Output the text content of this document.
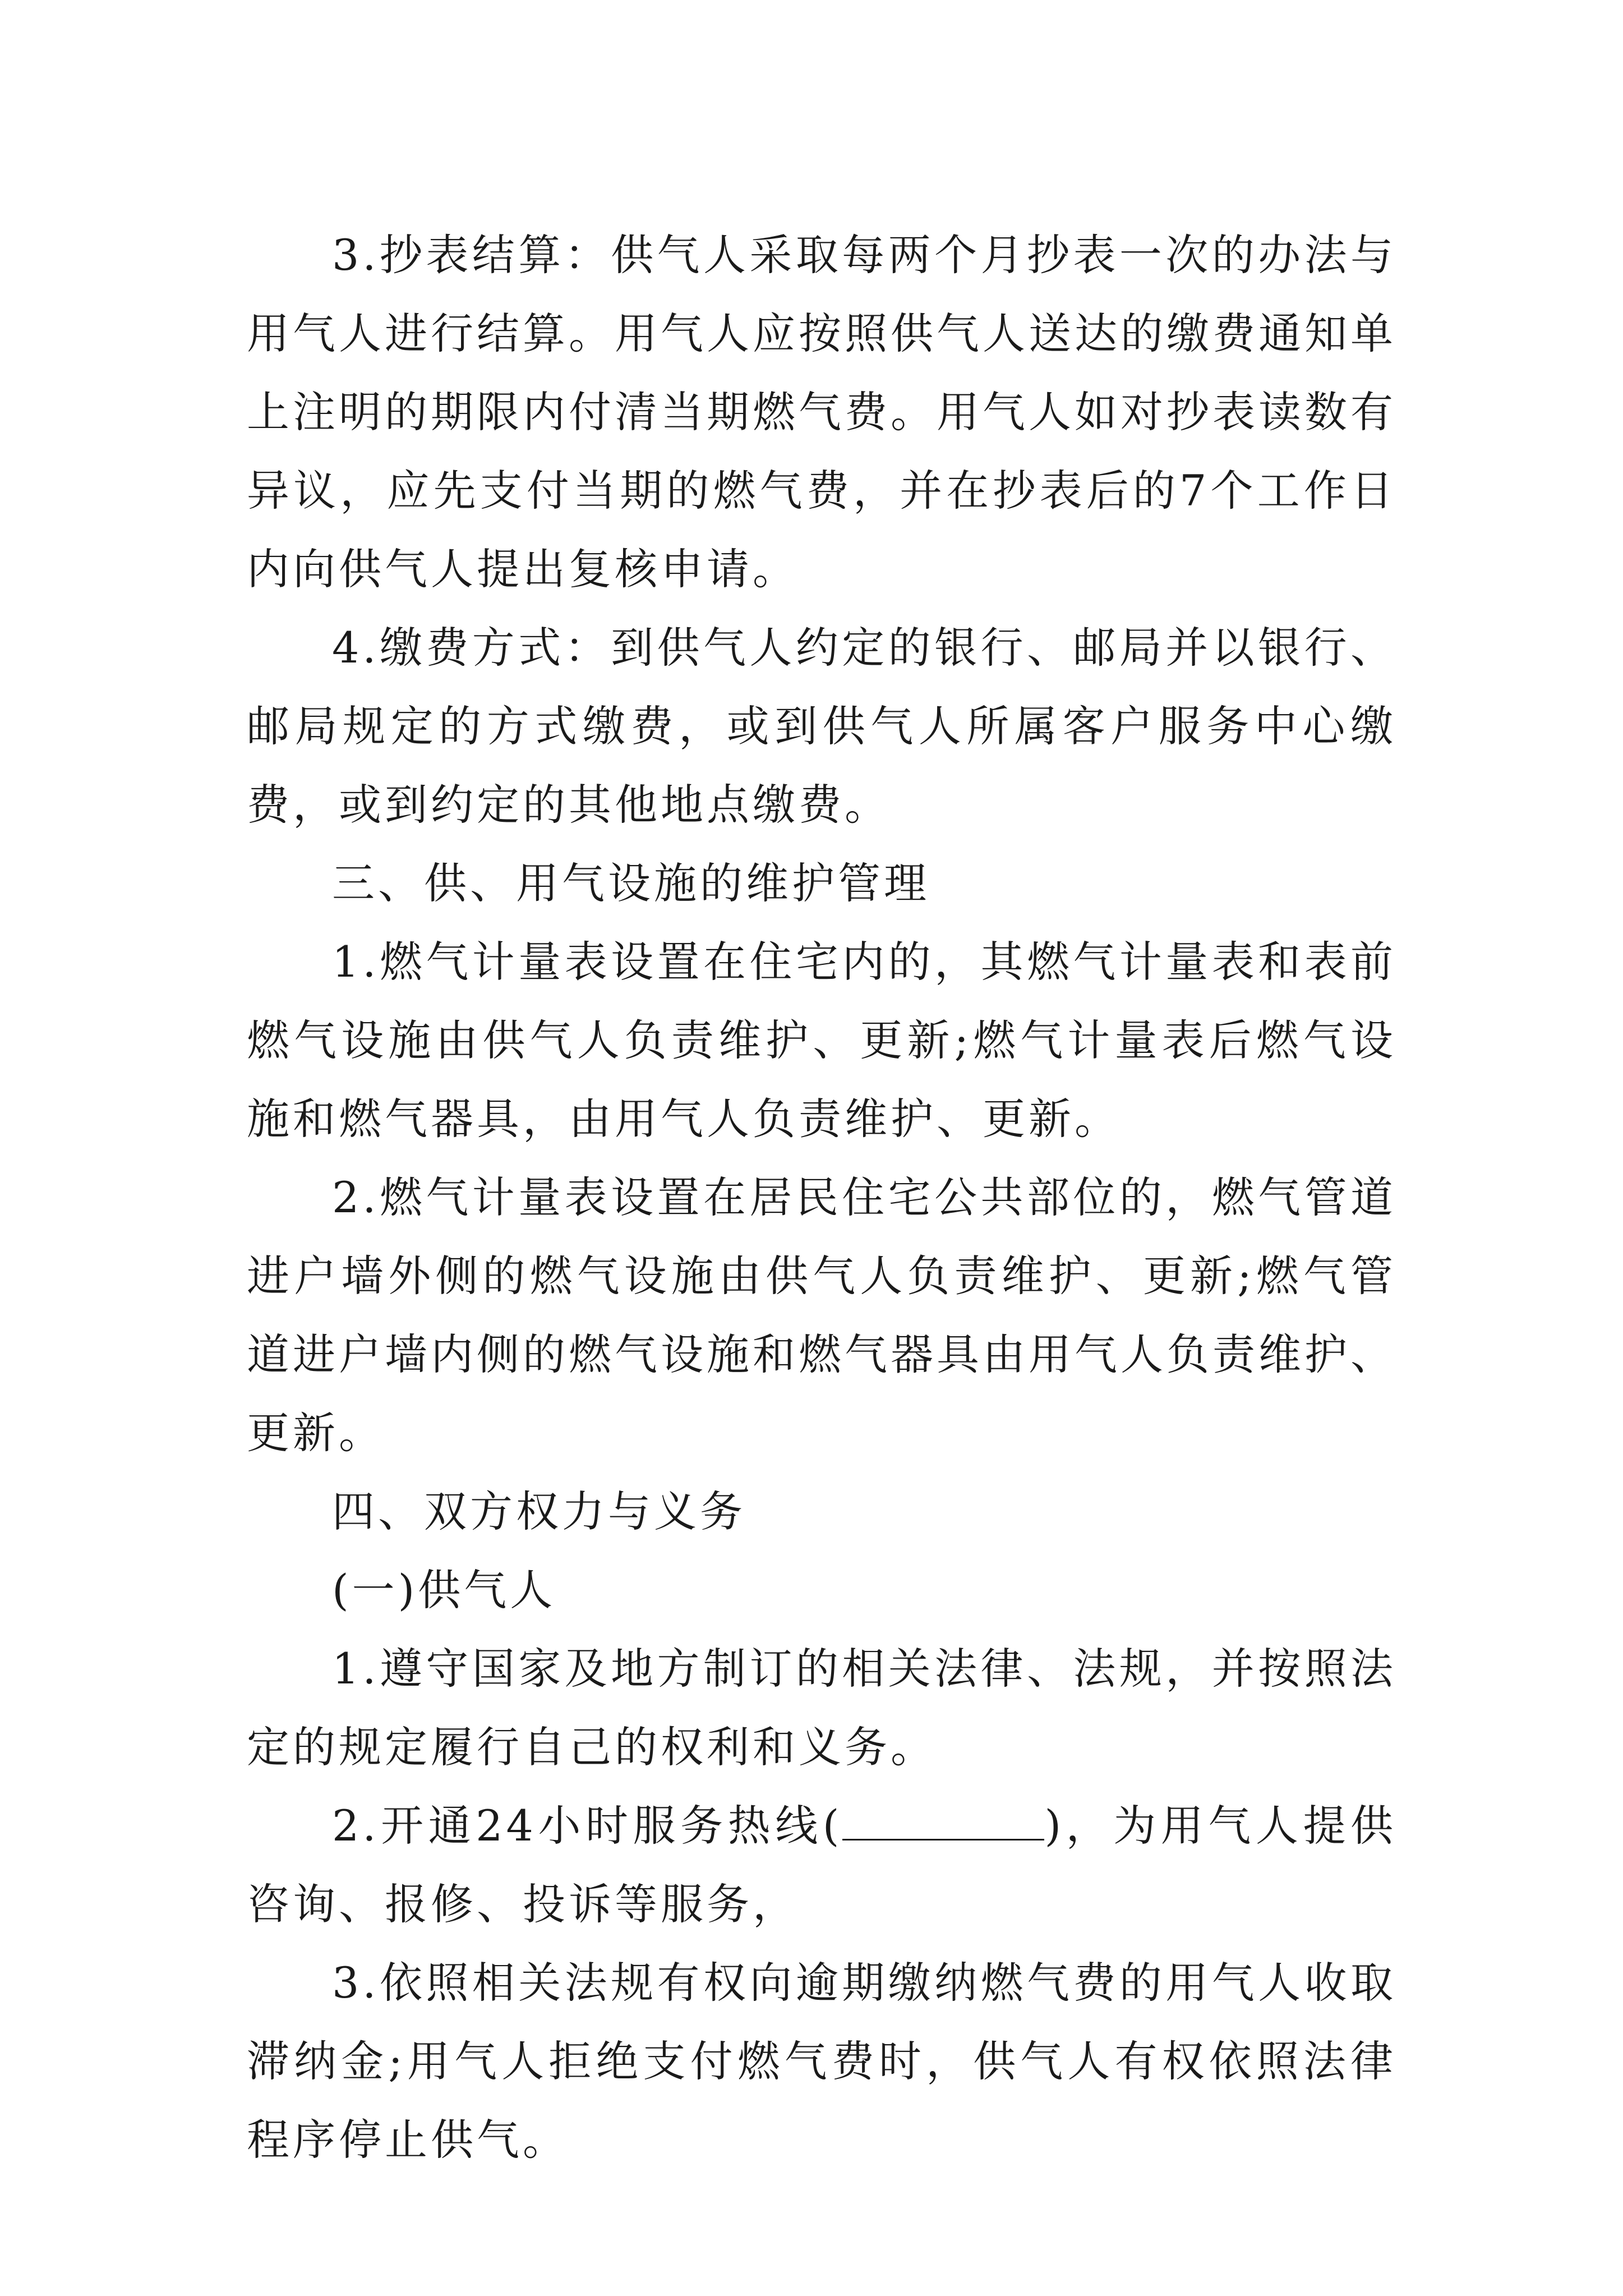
3.抄表结算：供气人采取每两个月抄表一次的办法与用气人进行结算。用气人应按照供气人送达的缴费通知单上注明的期限内付清当期燃气费。用气人如对抄表读数有异议，应先支付当期的燃气费，并在抄表后的7个工作日内向供气人提出复核申请。

4.缴费方式：到供气人约定的银行、邮局并以银行、邮局规定的方式缴费，或到供气人所属客户服务中心缴费，或到约定的其他地点缴费。

三、供、用气设施的维护管理

1.燃气计量表设置在住宅内的，其燃气计量表和表前燃气设施由供气人负责维护、更新;燃气计量表后燃气设施和燃气器具，由用气人负责维护、更新。

2.燃气计量表设置在居民住宅公共部位的，燃气管道进户墙外侧的燃气设施由供气人负责维护、更新;燃气管道进户墙内侧的燃气设施和燃气器具由用气人负责维护、更新。

四、双方权力与义务

(一)供气人

1.遵守国家及地方制订的相关法律、法规，并按照法定的规定履行自己的权利和义务。

2.开通24小时服务热线(	)，为用气人提供咨询、报修、投诉等服务，

3.依照相关法规有权向逾期缴纳燃气费的用气人收取滞纳金;用气人拒绝支付燃气费时，供气人有权依照法律程序停止供气。
